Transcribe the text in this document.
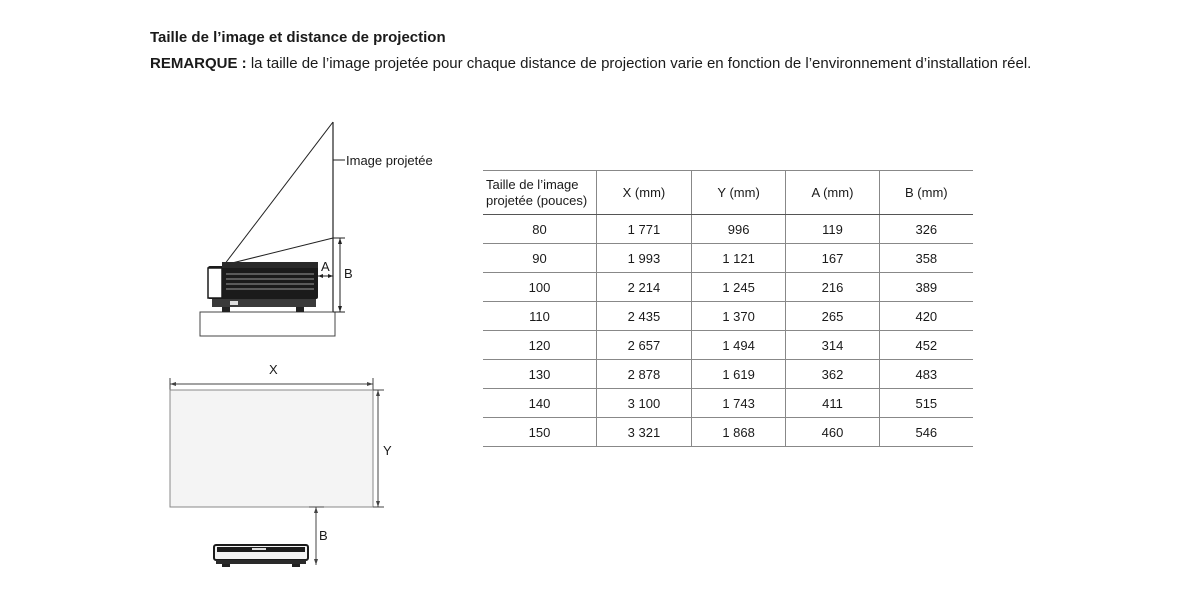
Taille de l’image et distance de projection
REMARQUE : la taille de l’image projetée pour chaque distance de projection varie en fonction de l’environnement d’installation réel.
Image projetée
A B
X
Y
B
Taille de l’image
projetée (pouces)	X (mm)	Y (mm)	A (mm)	B (mm)
80	1 771	996	119	326
90	1 993	1 121	167	358
100	2 214	1 245	216	389
110	2 435	1 370	265	420
120	2 657	1 494	314	452
130	2 878	1 619	362	483
140	3 100	1 743	411	515
150	3 321	1 868	460	546
